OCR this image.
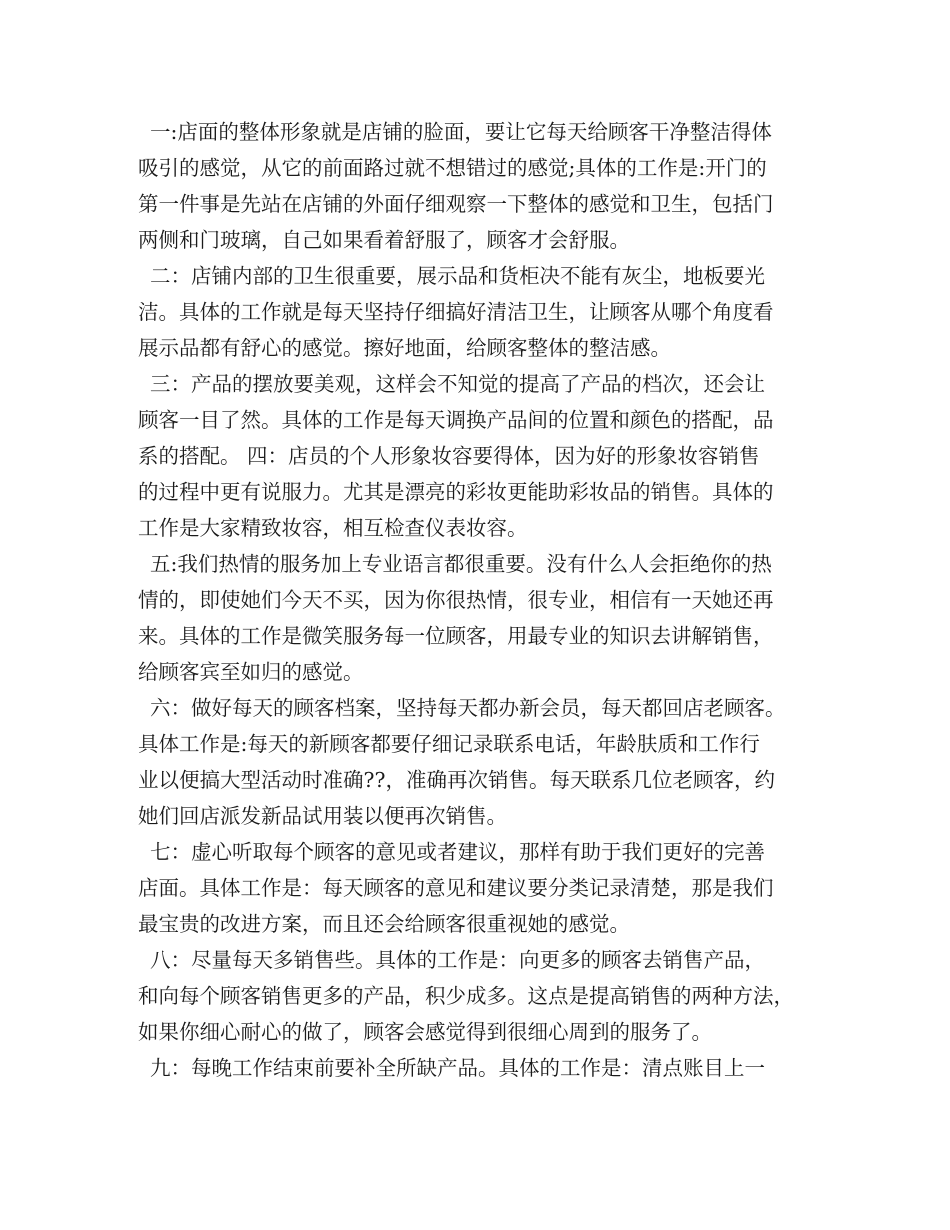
一:店面的整体形象就是店铺的脸面，要让它每天给顾客干净整洁得体
吸引的感觉，从它的前面路过就不想错过的感觉;具体的工作是:开门的
第一件事是先站在店铺的外面仔细观察一下整体的感觉和卫生，包括门
两侧和门玻璃，自己如果看着舒服了，顾客才会舒服。
二：店铺内部的卫生很重要，展示品和货柜决不能有灰尘，地板要光
洁。具体的工作就是每天坚持仔细搞好清洁卫生，让顾客从哪个角度看
展示品都有舒心的感觉。擦好地面，给顾客整体的整洁感。
三：产品的摆放要美观，这样会不知觉的提高了产品的档次，还会让
顾客一目了然。具体的工作是每天调换产品间的位置和颜色的搭配，品
系的搭配。 四：店员的个人形象妆容要得体，因为好的形象妆容销售
的过程中更有说服力。尤其是漂亮的彩妆更能助彩妆品的销售。具体的
工作是大家精致妆容，相互检查仪表妆容。
五:我们热情的服务加上专业语言都很重要。没有什么人会拒绝你的热
情的，即使她们今天不买，因为你很热情，很专业，相信有一天她还再
来。具体的工作是微笑服务每一位顾客，用最专业的知识去讲解销售，
给顾客宾至如归的感觉。
六：做好每天的顾客档案，坚持每天都办新会员，每天都回店老顾客。
具体工作是:每天的新顾客都要仔细记录联系电话，年龄肤质和工作行
业以便搞大型活动时准确??，准确再次销售。每天联系几位老顾客，约
她们回店派发新品试用装以便再次销售。
七：虚心听取每个顾客的意见或者建议，那样有助于我们更好的完善
店面。具体工作是：每天顾客的意见和建议要分类记录清楚，那是我们
最宝贵的改进方案，而且还会给顾客很重视她的感觉。
八：尽量每天多销售些。具体的工作是：向更多的顾客去销售产品，
和向每个顾客销售更多的产品，积少成多。这点是提高销售的两种方法，
如果你细心耐心的做了，顾客会感觉得到很细心周到的服务了。
九：每晚工作结束前要补全所缺产品。具体的工作是：清点账目上一
